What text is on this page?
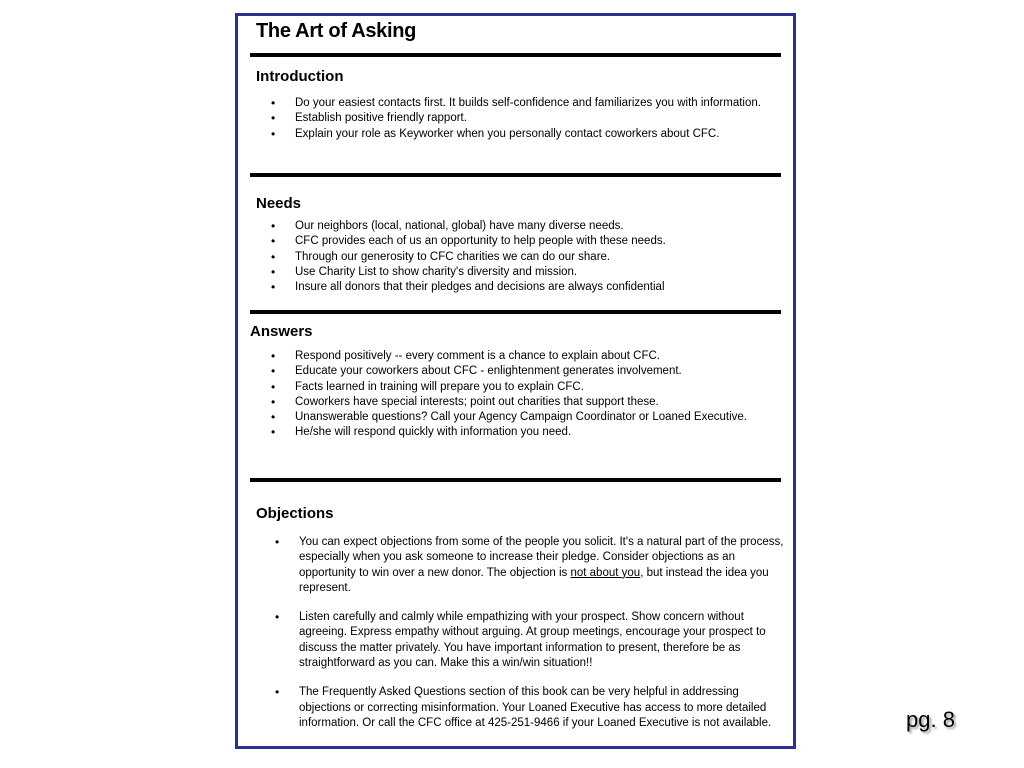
The Art of Asking
Introduction
• Do your easiest contacts first. It builds self-confidence and familiarizes you with information.
• Establish positive friendly rapport.
• Explain your role as Keyworker when you personally contact coworkers about CFC.
Needs
• Our neighbors (local, national, global) have many diverse needs.
• CFC provides each of us an opportunity to help people with these needs.
• Through our generosity to CFC charities we can do our share.
• Use Charity List to show charity's diversity and mission.
• Insure all donors that their pledges and decisions are always confidential
Answers
• Respond positively -- every comment is a chance to explain about CFC.
• Educate your coworkers about CFC - enlightenment generates involvement.
• Facts learned in training will prepare you to explain CFC.
• Coworkers have special interests; point out charities that support these.
• Unanswerable questions? Call your Agency Campaign Coordinator or Loaned Executive.
• He/she will respond quickly with information you need.
Objections
• You can expect objections from some of the people you solicit. It's a natural part of the process, especially when you ask someone to increase their pledge. Consider objections as an opportunity to win over a new donor. The objection is not about you, but instead the idea you represent.
• Listen carefully and calmly while empathizing with your prospect. Show concern without agreeing. Express empathy without arguing. At group meetings, encourage your prospect to discuss the matter privately. You have important information to present, therefore be as straightforward as you can. Make this a win/win situation!!
• The Frequently Asked Questions section of this book can be very helpful in addressing objections or correcting misinformation. Your Loaned Executive has access to more detailed information. Or call the CFC office at 425-251-9466 if your Loaned Executive is not available.	pg. 8
